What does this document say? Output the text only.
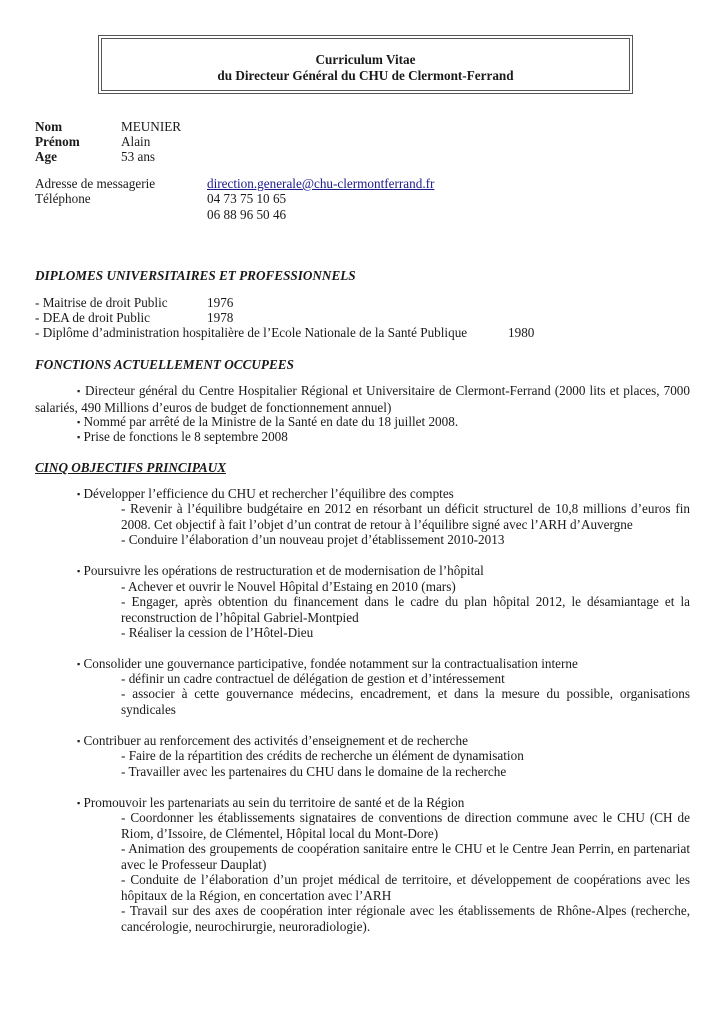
Curriculum Vitae
du Directeur Général du CHU de Clermont-Ferrand
Nom	MEUNIER
Prénom	Alain
Age	53 ans
Adresse de messagerie	direction.generale@chu-clermontferrand.fr
Téléphone	04 73 75 10 65
06 88 96 50 46
DIPLOMES UNIVERSITAIRES ET PROFESSIONNELS
- Maitrise de droit Public	1976
- DEA de droit Public	1978
- Diplôme d’administration hospitalière de l’Ecole Nationale de la Santé Publique	1980
FONCTIONS ACTUELLEMENT OCCUPEES
▪ Directeur général du Centre Hospitalier Régional et Universitaire de Clermont-Ferrand (2000 lits et places, 7000 salariés, 490 Millions d’euros de budget de fonctionnement annuel)
▪ Nommé par arrêté de la Ministre de la Santé en date du 18 juillet 2008.
▪ Prise de fonctions le 8 septembre 2008
CINQ OBJECTIFS PRINCIPAUX
▪ Développer l’efficience du CHU et rechercher l’équilibre des comptes
- Revenir à l’équilibre budgétaire en 2012 en résorbant un déficit structurel de 10,8 millions d’euros fin 2008. Cet objectif à fait l’objet d’un contrat de retour à l’équilibre signé avec l’ARH d’Auvergne
- Conduire l’élaboration d’un nouveau projet d’établissement 2010-2013
▪ Poursuivre les opérations de restructuration et de modernisation de l’hôpital
- Achever et ouvrir le Nouvel Hôpital d’Estaing en 2010 (mars)
- Engager, après obtention du financement dans le cadre du plan hôpital 2012, le désamiantage et la reconstruction de l’hôpital Gabriel-Montpied
- Réaliser la cession de l’Hôtel-Dieu
▪ Consolider une gouvernance participative, fondée notamment sur la contractualisation interne
- définir un cadre contractuel de délégation de gestion et d’intéressement
- associer à cette gouvernance médecins, encadrement, et dans la mesure du possible, organisations syndicales
▪ Contribuer au renforcement des activités d’enseignement et de recherche
- Faire de la répartition des crédits de recherche un élément de dynamisation
- Travailler avec les partenaires du CHU dans le domaine de la recherche
▪ Promouvoir les partenariats au sein du territoire de santé et de la Région
- Coordonner les établissements signataires de conventions de direction commune avec le CHU (CH de Riom, d’Issoire, de Clémentel, Hôpital local du Mont-Dore)
- Animation des groupements de coopération sanitaire entre le CHU et le Centre Jean Perrin, en partenariat avec le Professeur Dauplat)
- Conduite de l’élaboration d’un projet médical de territoire, et développement de coopérations avec les hôpitaux de la Région, en concertation avec l’ARH
- Travail sur des axes de coopération inter régionale avec les établissements de Rhône-Alpes (recherche, cancérologie, neurochirurgie, neuroradiologie).
